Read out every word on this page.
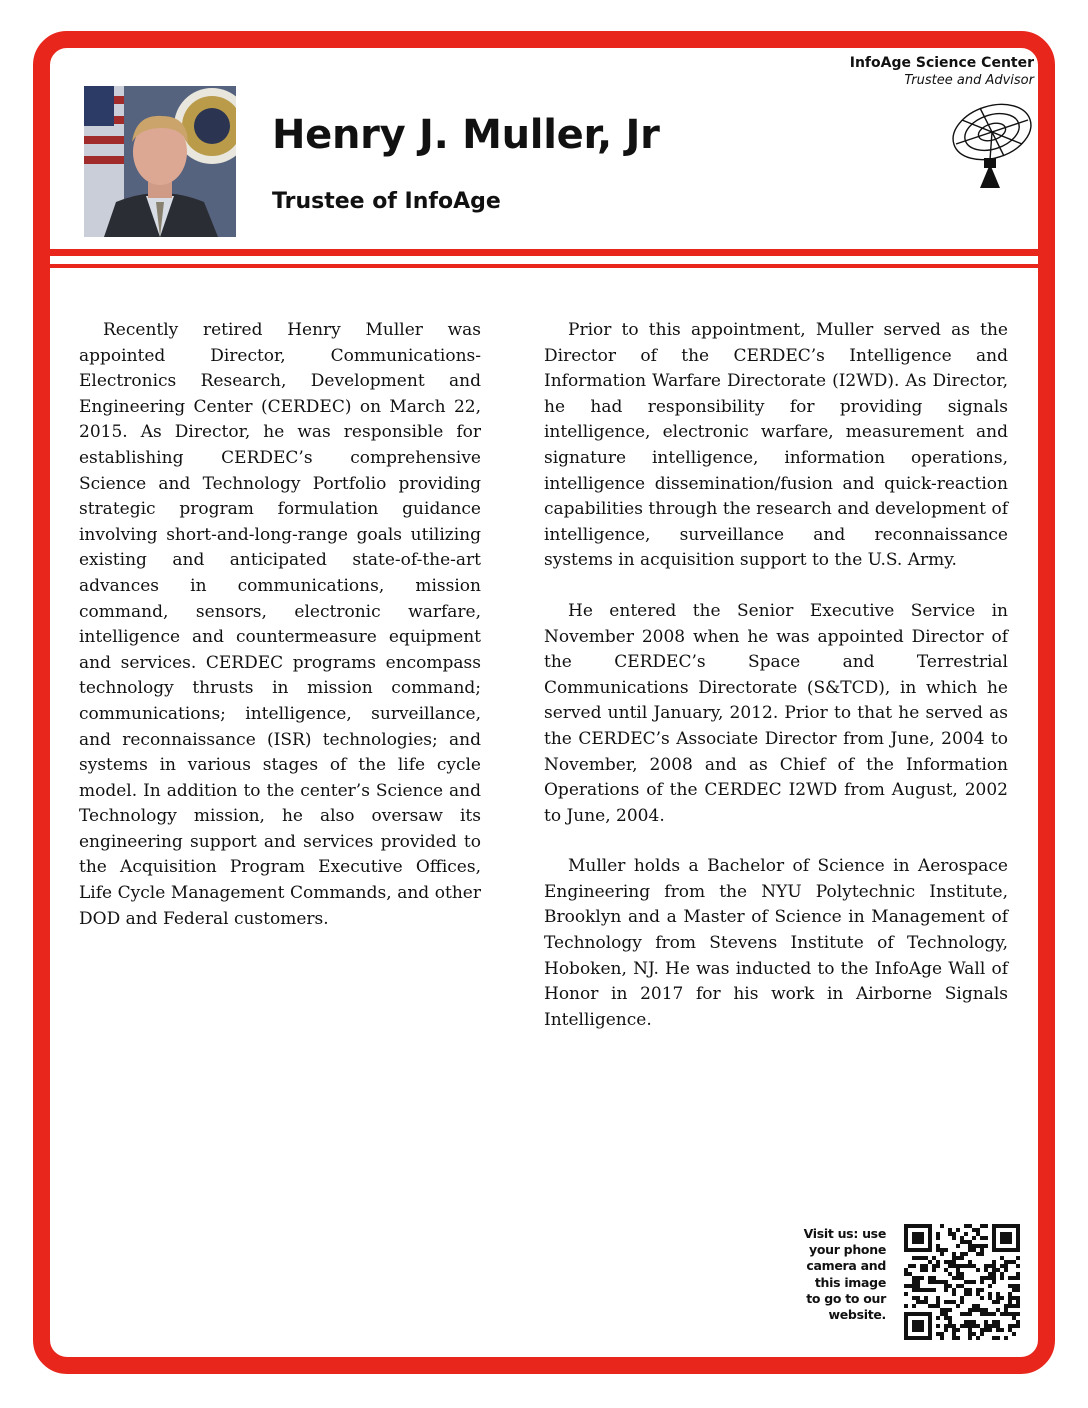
Henry J. Muller, Jr
Trustee of InfoAge
InfoAge Science Center
Trustee and Advisor

Recently retired Henry Muller was appointed Director, Communications-Electronics Research, Development and Engineering Center (CERDEC) on March 22, 2015. As Director, he was responsible for establishing CERDEC’s comprehensive Science and Technology Portfolio providing strategic program formulation guidance involving short-and-long-range goals utilizing existing and anticipated state-of-the-art advances in communications, mission command, sensors, electronic warfare, intelligence and countermeasure equipment and services. CERDEC programs encompass technology thrusts in mission command; communications; intelligence, surveillance, and reconnaissance (ISR) technologies; and systems in various stages of the life cycle model. In addition to the center’s Science and Technology mission, he also oversaw its engineering support and services provided to the Acquisition Program Executive Offices, Life Cycle Management Commands, and other DOD and Federal customers.

Prior to this appointment, Muller served as the Director of the CERDEC’s Intelligence and Information Warfare Directorate (I2WD). As Director, he had responsibility for providing signals intelligence, electronic warfare, measurement and signature intelligence, information operations, intelligence dissemination/fusion and quick-reaction capabilities through the research and development of intelligence, surveillance and reconnaissance systems in acquisition support to the U.S. Army.

He entered the Senior Executive Service in November 2008 when he was appointed Director of the CERDEC’s Space and Terrestrial Communications Directorate (S&TCD), in which he served until January, 2012. Prior to that he served as the CERDEC’s Associate Director from June, 2004 to November, 2008 and as Chief of the Information Operations of the CERDEC I2WD from August, 2002 to June, 2004.

Muller holds a Bachelor of Science in Aerospace Engineering from the NYU Polytechnic Institute, Brooklyn and a Master of Science in Management of Technology from Stevens Institute of Technology, Hoboken, NJ. He was inducted to the InfoAge Wall of Honor in 2017 for his work in Airborne Signals Intelligence.

Visit us: use
your phone
camera and
this image
to go to our
website.
